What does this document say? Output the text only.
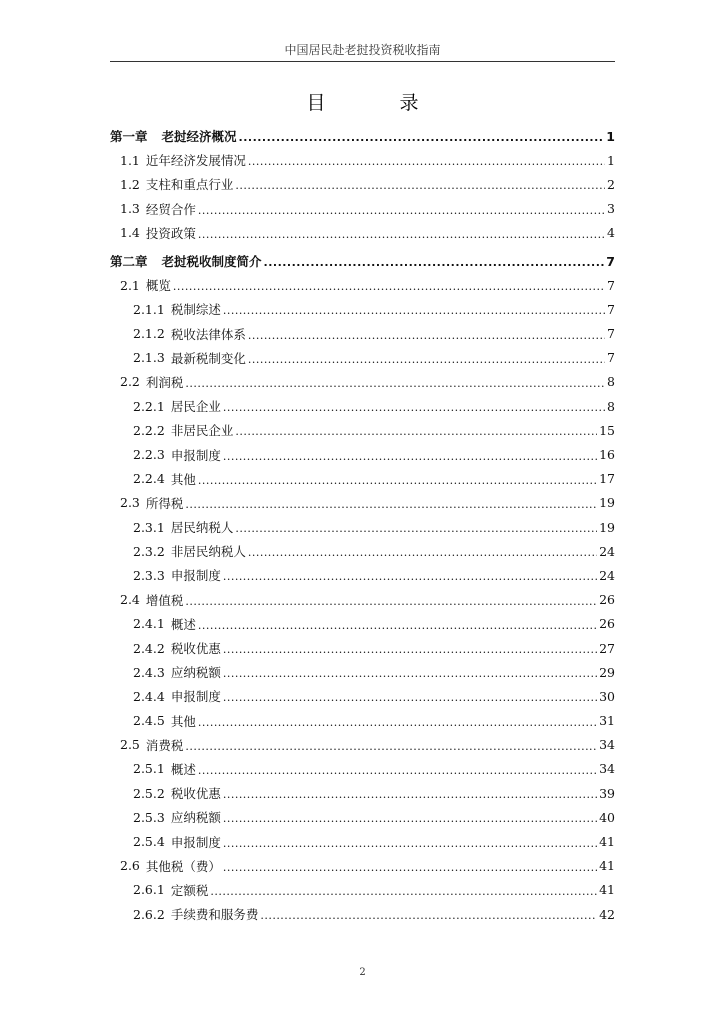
中国居民赴老挝投资税收指南
目 录
第一章 老挝经济概况 .....	1
1.1 近年经济发展情况 .....	1
1.2 支柱和重点行业 .....	2
1.3 经贸合作 .....	3
1.4 投资政策 .....	4
第二章 老挝税收制度简介 .....	7
2.1 概览 .....	7
2.1.1 税制综述 .....	7
2.1.2 税收法律体系 .....	7
2.1.3 最新税制变化 .....	7
2.2 利润税 .....	8
2.2.1 居民企业 .....	8
2.2.2 非居民企业 .....	15
2.2.3 申报制度 .....	16
2.2.4 其他 .....	17
2.3 所得税 .....	19
2.3.1 居民纳税人 .....	19
2.3.2 非居民纳税人 .....	24
2.3.3 申报制度 .....	24
2.4 增值税 .....	26
2.4.1 概述 .....	26
2.4.2 税收优惠 .....	27
2.4.3 应纳税额 .....	29
2.4.4 申报制度 .....	30
2.4.5 其他 .....	31
2.5 消费税 .....	34
2.5.1 概述 .....	34
2.5.2 税收优惠 .....	39
2.5.3 应纳税额 .....	40
2.5.4 申报制度 .....	41
2.6 其他税（费） .....	41
2.6.1 定额税 .....	41
2.6.2 手续费和服务费 .....	42
2
